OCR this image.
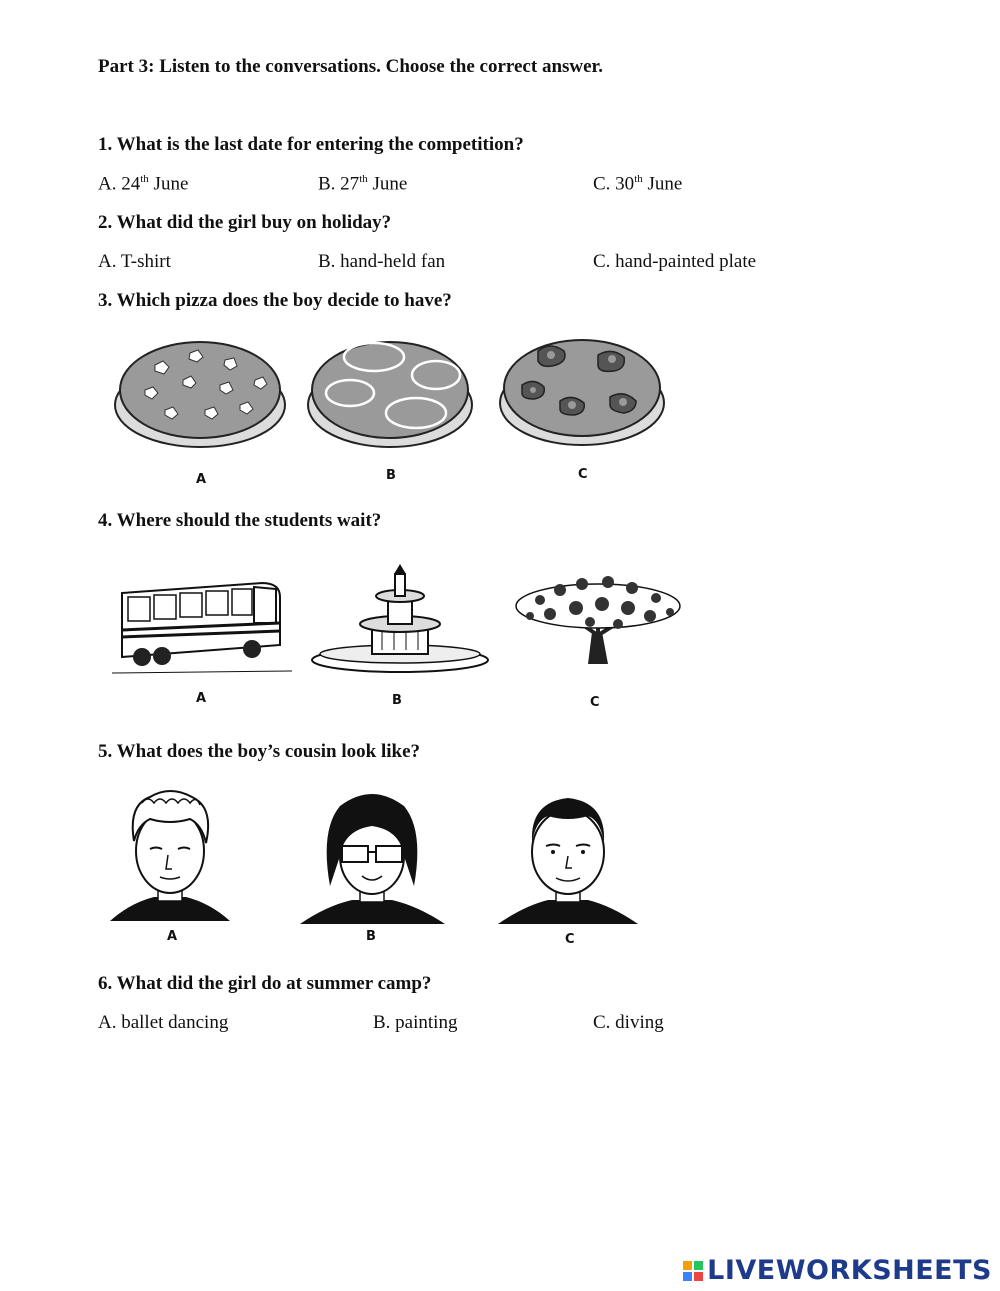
Part 3: Listen to the conversations. Choose the correct answer.
1. What is the last date for entering the competition?
A. 24th June	B. 27th June	C. 30th June
2. What did the girl buy on holiday?
A. T-shirt	B. hand-held fan	C. hand-painted plate
3. Which pizza does the boy decide to have?
A	B	C
4. Where should the students wait?
A	B	C
5. What does the boy’s cousin look like?
A	B	C
6. What did the girl do at summer camp?
A. ballet dancing	B. painting	C. diving
LIVEWORKSHEETS
